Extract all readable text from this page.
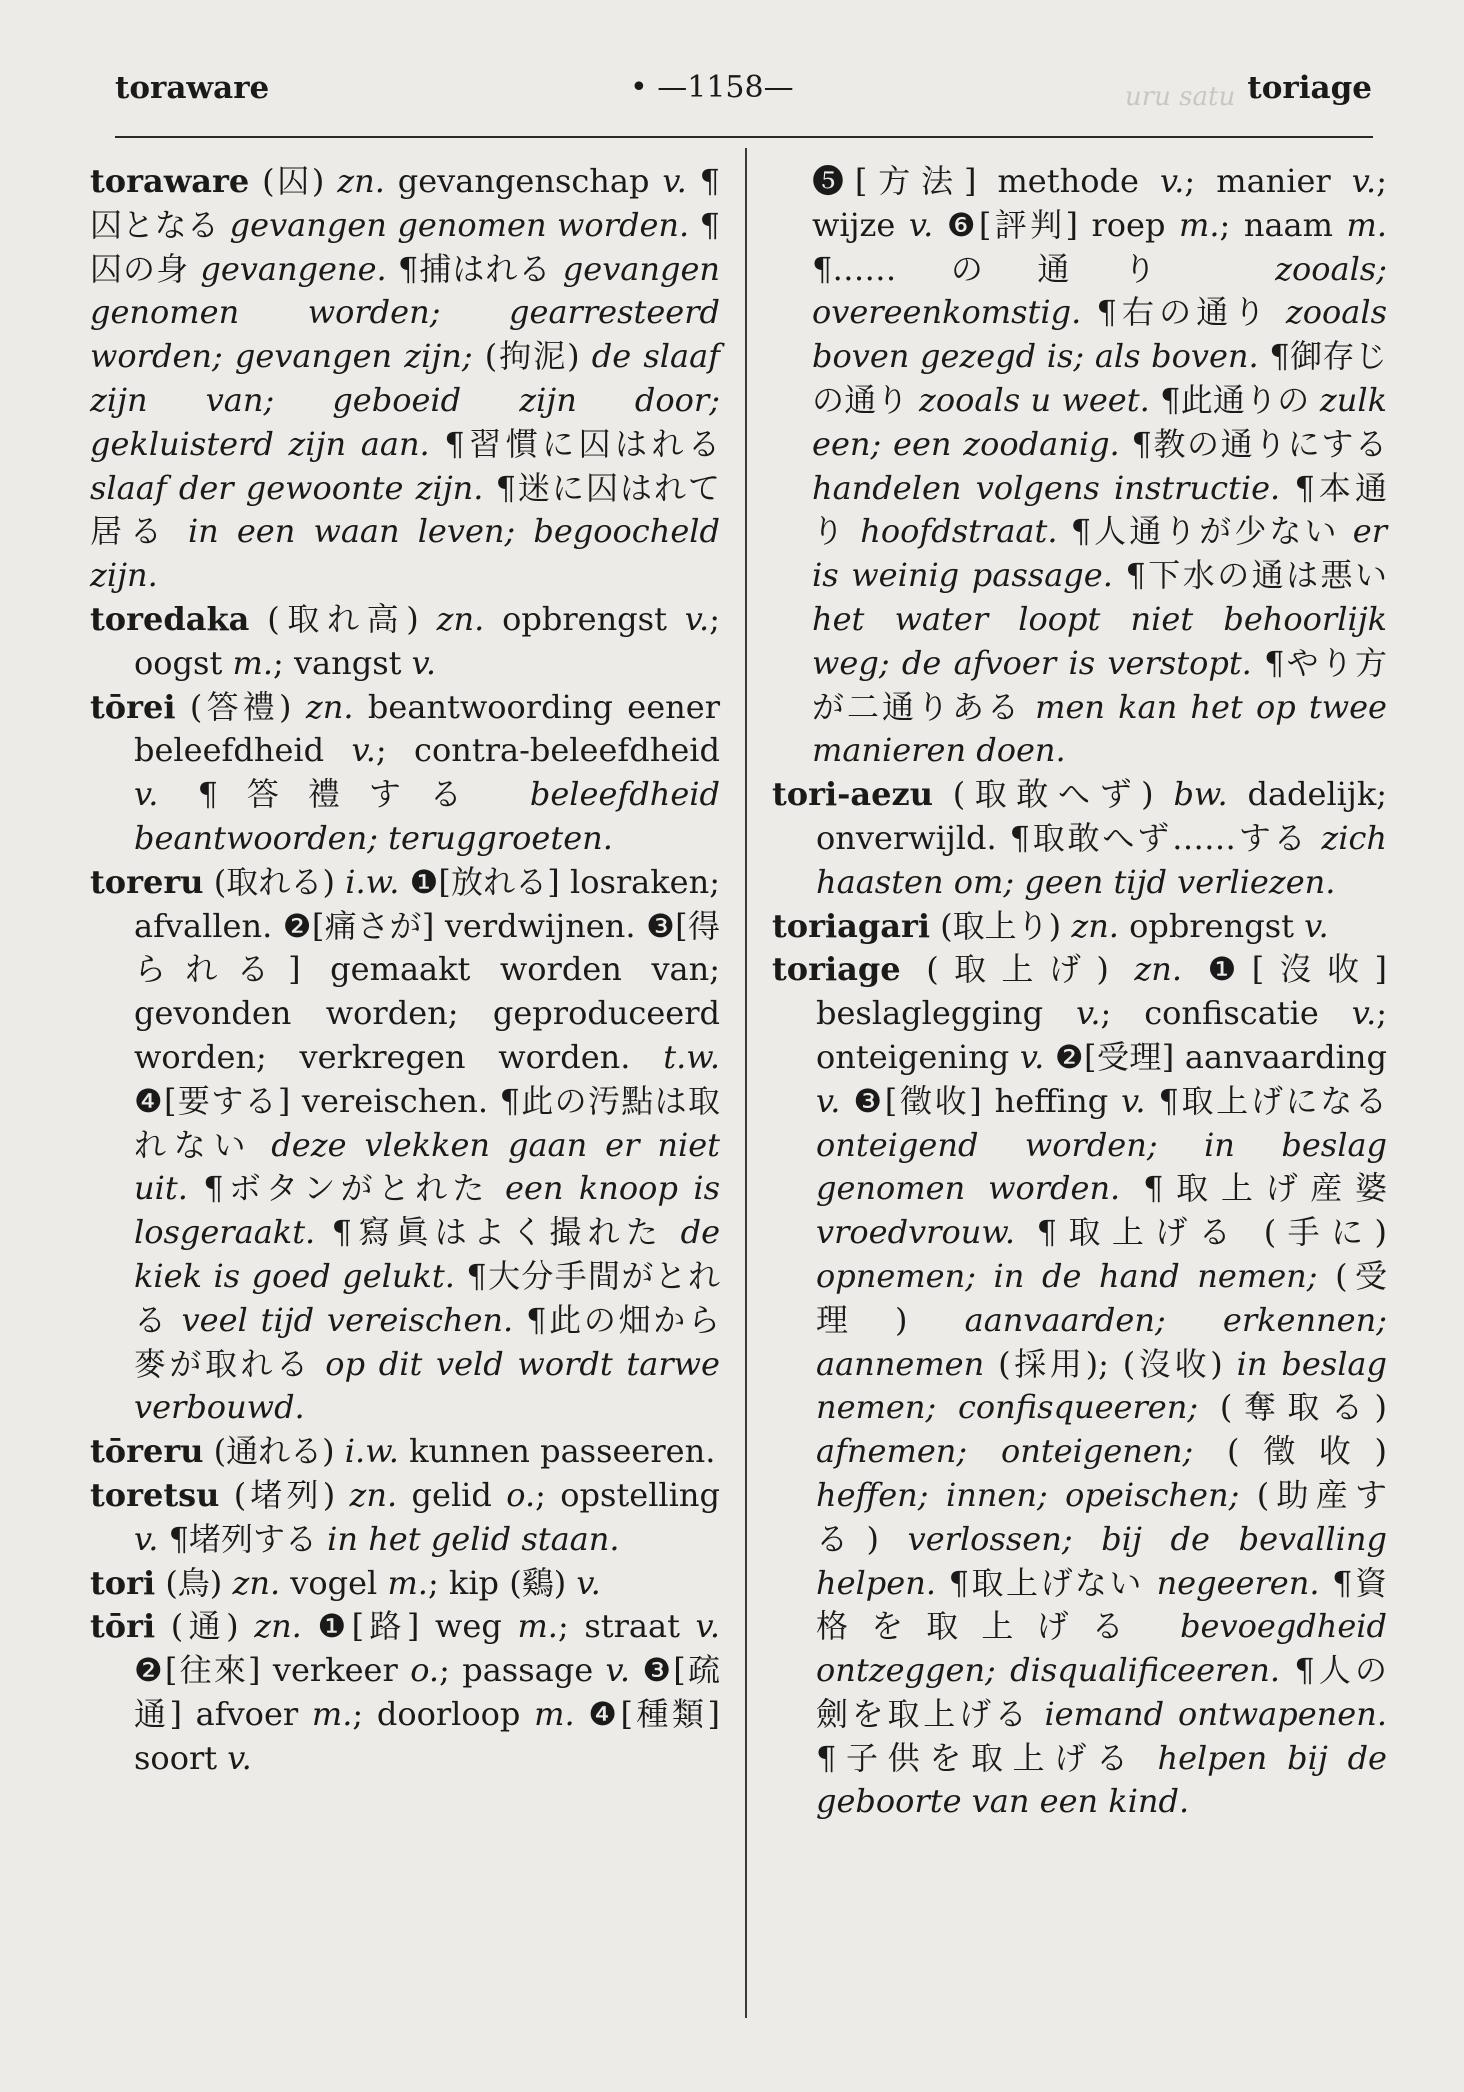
toraware	• —1158—	uru satu toriage

toraware (囚) zn. gevangenschap v. ¶囚となる gevangen genomen worden. ¶囚の身 gevangene. ¶捕はれる gevangen genomen worden; gearresteerd worden; gevangen zijn; (拘泥) de slaaf zijn van; geboeid zijn door; gekluisterd zijn aan. ¶習慣に囚はれる slaaf der gewoonte zijn. ¶迷に囚はれて居る in een waan leven; begoocheld zijn.

toredaka (取れ高) zn. opbrengst v.; oogst m.; vangst v.

tōrei (答禮) zn. beantwoording eener beleefdheid v.; contra-beleefdheid v. ¶答禮する beleefdheid beantwoorden; teruggroeten.

toreru (取れる) i.w. ❶[放れる] losraken; afvallen. ❷[痛さが] verdwijnen. ❸[得られる] gemaakt worden van; gevonden worden; geproduceerd worden; verkregen worden. t.w. ❹[要する] vereischen. ¶此の汚點は取れない deze vlekken gaan er niet uit. ¶ボタンがとれた een knoop is losgeraakt. ¶寫眞はよく撮れた de kiek is goed gelukt. ¶大分手間がとれる veel tijd vereischen. ¶此の畑から麥が取れる op dit veld wordt tarwe verbouwd.

tōreru (通れる) i.w. kunnen passeeren.

toretsu (堵列) zn. gelid o.; opstelling v. ¶堵列する in het gelid staan.

tori (鳥) zn. vogel m.; kip (鷄) v.

tōri (通) zn. ❶[路] weg m.; straat v. ❷[往來] verkeer o.; passage v. ❸[疏通] afvoer m.; doorloop m. ❹[種類] soort v.

❺[方法] methode v.; manier v.; wijze v. ❻[評判] roep m.; naam m. ¶……の通り zooals; overeenkomstig. ¶右の通り zooals boven gezegd is; als boven. ¶御存じの通り zooals u weet. ¶此通りの zulk een; een zoodanig. ¶教の通りにする handelen volgens instructie. ¶本通り hoofdstraat. ¶人通りが少ない er is weinig passage. ¶下水の通は悪い het water loopt niet behoorlijk weg; de afvoer is verstopt. ¶やり方が二通りある men kan het op twee manieren doen.

tori-aezu (取敢へず) bw. dadelijk; onverwijld. ¶取敢へず……する zich haasten om; geen tijd verliezen.

toriagari (取上り) zn. opbrengst v.

toriage (取上げ) zn. ❶[沒收] beslaglegging v.; confiscatie v.; onteigening v. ❷[受理] aanvaarding v. ❸[徵收] heffing v. ¶取上げになる onteigend worden; in beslag genomen worden. ¶取上げ産婆 vroedvrouw. ¶取上げる (手に) opnemen; in de hand nemen; (受理) aanvaarden; erkennen; aannemen (採用); (沒收) in beslag nemen; confisqueeren; (奪取る) afnemen; onteigenen; (徵收) heffen; innen; opeischen; (助産する) verlossen; bij de bevalling helpen. ¶取上げない negeeren. ¶資格を取上げる bevoegdheid ontzeggen; disqualificeeren. ¶人の劍を取上げる iemand ontwapenen. ¶子供を取上げる helpen bij de geboorte van een kind.
